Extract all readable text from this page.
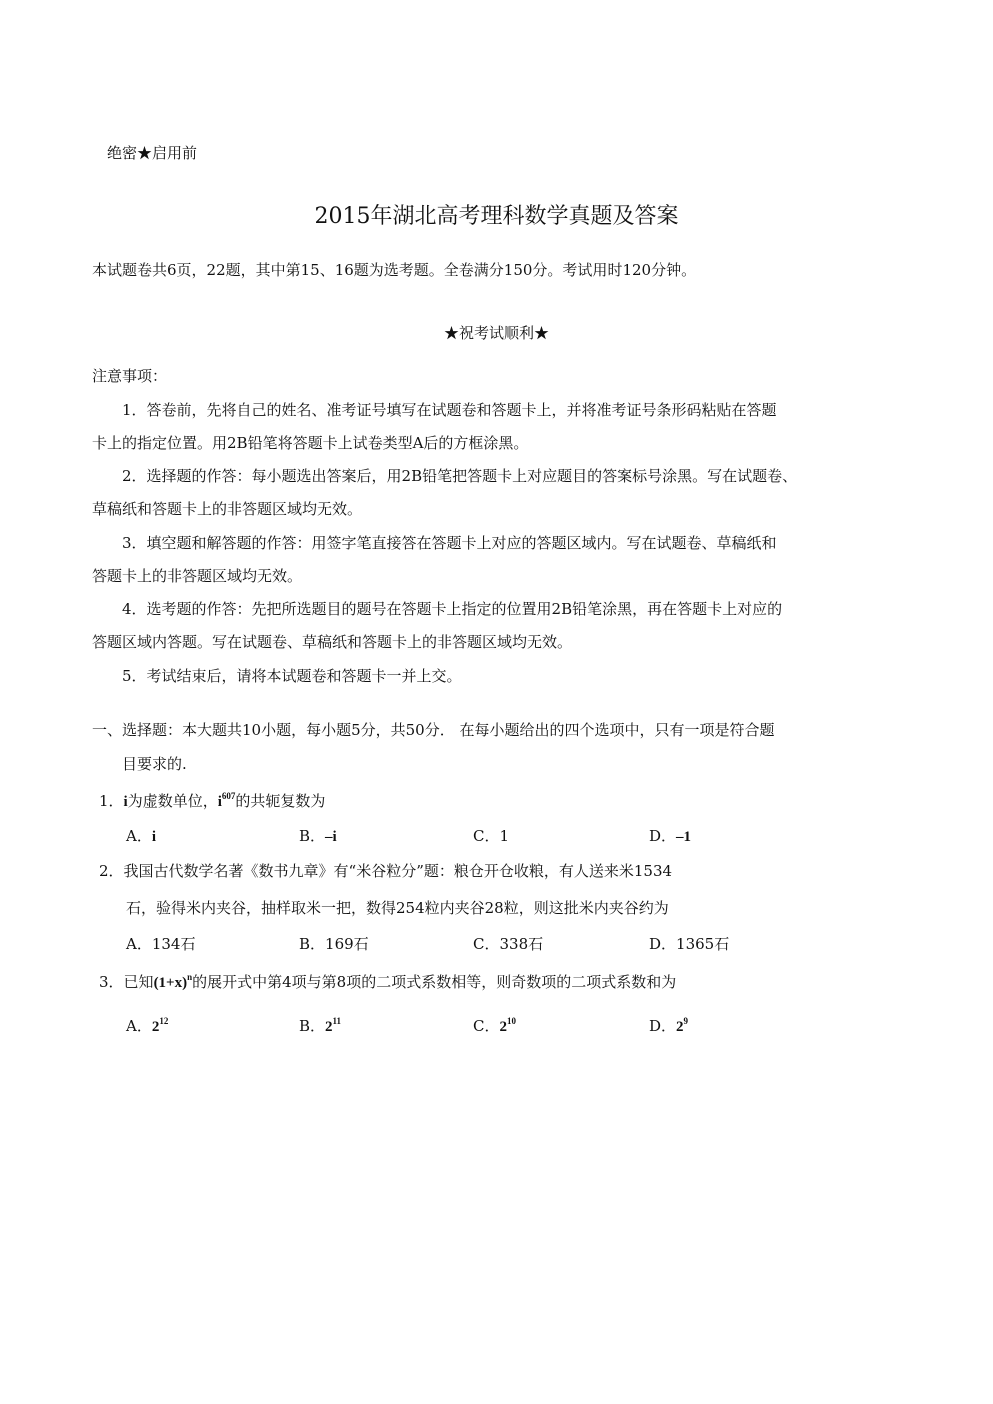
绝密★启用前
2015年湖北高考理科数学真题及答案
本试题卷共6页，22题，其中第15、16题为选考题。全卷满分150分。考试用时120分钟。
★祝考试顺利★
注意事项：
1．答卷前，先将自己的姓名、准考证号填写在试题卷和答题卡上，并将准考证号条形码粘贴在答题
卡上的指定位置。用2B铅笔将答题卡上试卷类型A后的方框涂黑。
2．选择题的作答：每小题选出答案后，用2B铅笔把答题卡上对应题目的答案标号涂黑。写在试题卷、
草稿纸和答题卡上的非答题区域均无效。
3．填空题和解答题的作答：用签字笔直接答在答题卡上对应的答题区域内。写在试题卷、草稿纸和
答题卡上的非答题区域均无效。
4．选考题的作答：先把所选题目的题号在答题卡上指定的位置用2B铅笔涂黑，再在答题卡上对应的
答题区域内答题。写在试题卷、草稿纸和答题卡上的非答题区域均无效。
5．考试结束后，请将本试题卷和答题卡一并上交。
一、选择题：本大题共10小题，每小题5分，共50分． 在每小题给出的四个选项中，只有一项是符合题
目要求的.
1．i为虚数单位，$i^{607}$的共轭复数为
A．i	B．–i	C．1	D．–1
2．我国古代数学名著《数书九章》有“米谷粒分”题：粮仓开仓收粮，有人送来米1534
石，验得米内夹谷，抽样取米一把，数得254粒内夹谷28粒，则这批米内夹谷约为
A．134石	B．169石	C．338石	D．1365石
3．已知$(1+x)^n$的展开式中第4项与第8项的二项式系数相等，则奇数项的二项式系数和为
A．$2^{12}$	B．$2^{11}$	C．$2^{10}$	D．$2^9$
